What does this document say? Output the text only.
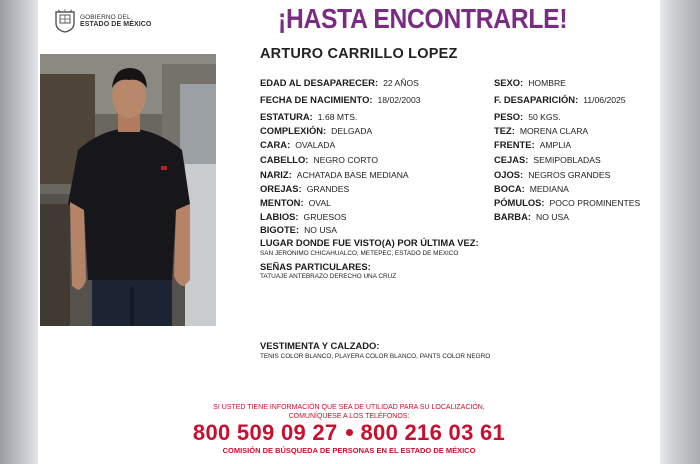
GOBIERNO DEL
ESTADO DE MÉXICO	¡HASTA ENCONTRARLE!
ARTURO CARRILLO LOPEZ
EDAD AL DESAPARECER: 22 AÑOS
FECHA DE NACIMIENTO: 18/02/2003
ESTATURA: 1.68 MTS.
COMPLEXIÓN: DELGADA
CARA: OVALADA
CABELLO: NEGRO CORTO
NARIZ: ACHATADA BASE MEDIANA
OREJAS: GRANDES
MENTON: OVAL
LABIOS: GRUESOS
BIGOTE: NO USA
SEXO: HOMBRE
F. DESAPARICIÓN: 11/06/2025
PESO: 50 KGS.
TEZ: MORENA CLARA
FRENTE: AMPLIA
CEJAS: SEMIPOBLADAS
OJOS: NEGROS GRANDES
BOCA: MEDIANA
PÓMULOS: POCO PROMINENTES
BARBA: NO USA
LUGAR DONDE FUE VISTO(A) POR ÚLTIMA VEZ:
SAN JERONIMO CHICAHUALCO, METEPEC, ESTADO DE MEXICO
SEÑAS PARTICULARES:
TATUAJE ANTEBRAZO DERECHO UNA CRUZ
VESTIMENTA Y CALZADO:
TENIS COLOR BLANCO, PLAYERA COLOR BLANCO, PANTS COLOR NEGRO
SI USTED TIENE INFORMACIÓN QUE SEA DE UTILIDAD PARA SU LOCALIZACIÓN,
COMUNÍQUESE A LOS TELÉFONOS:
800 509 09 27 800 216 03 61
COMISIÓN DE BÚSQUEDA DE PERSONAS EN EL ESTADO DE MÉXICO
